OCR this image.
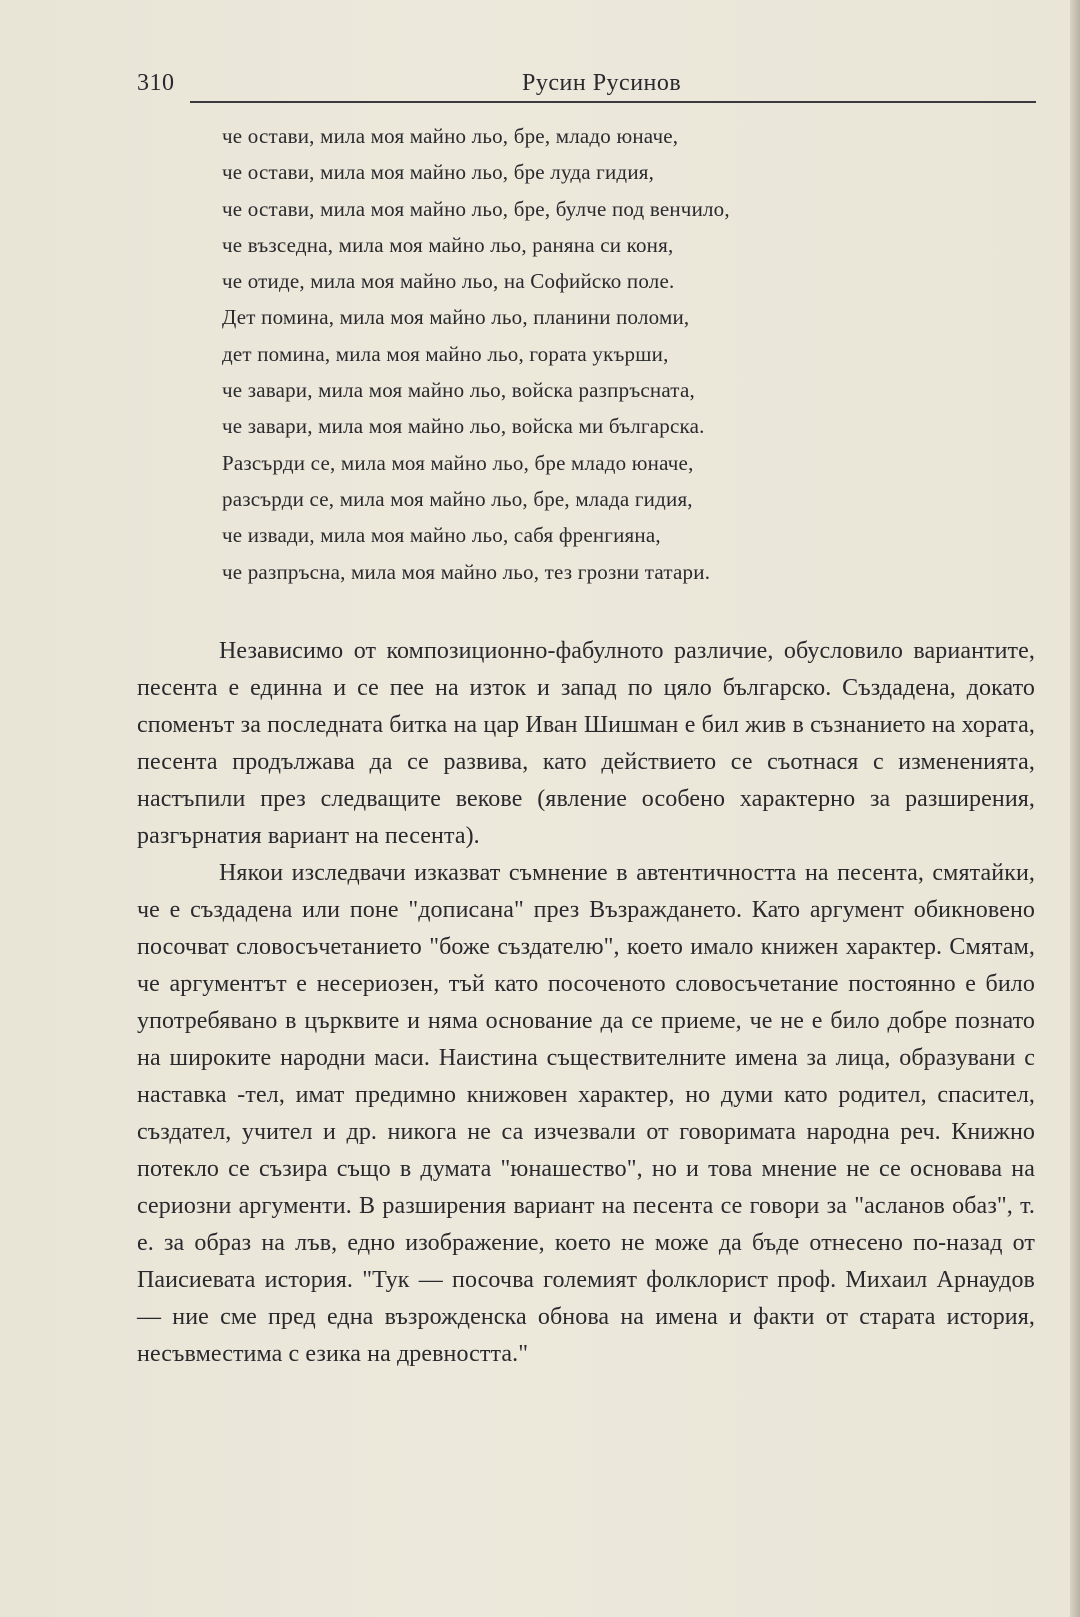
310	Русин Русинов
че остави, мила моя майно льо, бре, младо юначе,
че остави, мила моя майно льо, бре луда гидия,
че остави, мила моя майно льо, бре, булче под венчило,
че възседна, мила моя майно льо, раняна си коня,
че отиде, мила моя майно льо, на Софийско поле.
Дет помина, мила моя майно льо, планини поломи,
дет помина, мила моя майно льо, горатa укърши,
че завари, мила моя майно льо, войска разпръсната,
че завари, мила моя майно льо, войска ми българска.
Разсърди се, мила моя майно льо, бре младо юначе,
разсърди се, мила моя майно льо, бре, млада гидия,
че извади, мила моя майно льо, сабя френгияна,
че разпръсна, мила моя майно льо, тез грозни татари.

Независимо от композиционно-фабулното различие, обусловило вариантите, песента е единна и се пее на изток и запад по цяло българско. Създадена, докато споменът за последната битка на цар Иван Шишман е бил жив в съзнанието на хората, песента продължава да се развива, като действието се съотнася с измененията, настъпили през следващите векове (явление особено характерно за разширения, разгърнатия вариант на песента).

Някои изследвачи изказват съмнение в автентичността на песента, смятайки, че е създадена или поне "дописана" през Възраждането. Като аргумент обикновено посочват словосъчетанието "боже създателю", което имало книжен характер. Смятам, че аргументът е несериозен, тъй като посоченото словосъчетание постоянно е било употребявано в църквите и няма основание да се приеме, че не е било добре познато на широките народни маси. Наистина съществителните имена за лица, образувани с наставка -тел, имат предимно книжовен характер, но думи като родител, спасител, създател, учител и др. никога не са изчезвали от говоримата народна реч. Книжно потекло се съзира също в думата "юнашество", но и това мнение не се основава на сериозни аргументи. В разширения вариант на песента се говори за "асланов обаз", т. е. за образ на лъв, едно изображение, което не може да бъде отнесено по-назад от Паисиевата история. "Тук — посочва големият фолклорист проф. Михаил Арнаудов — ние сме пред една възрожденска обнова на имена и факти от старата история, несъвместима с езика на древността."
